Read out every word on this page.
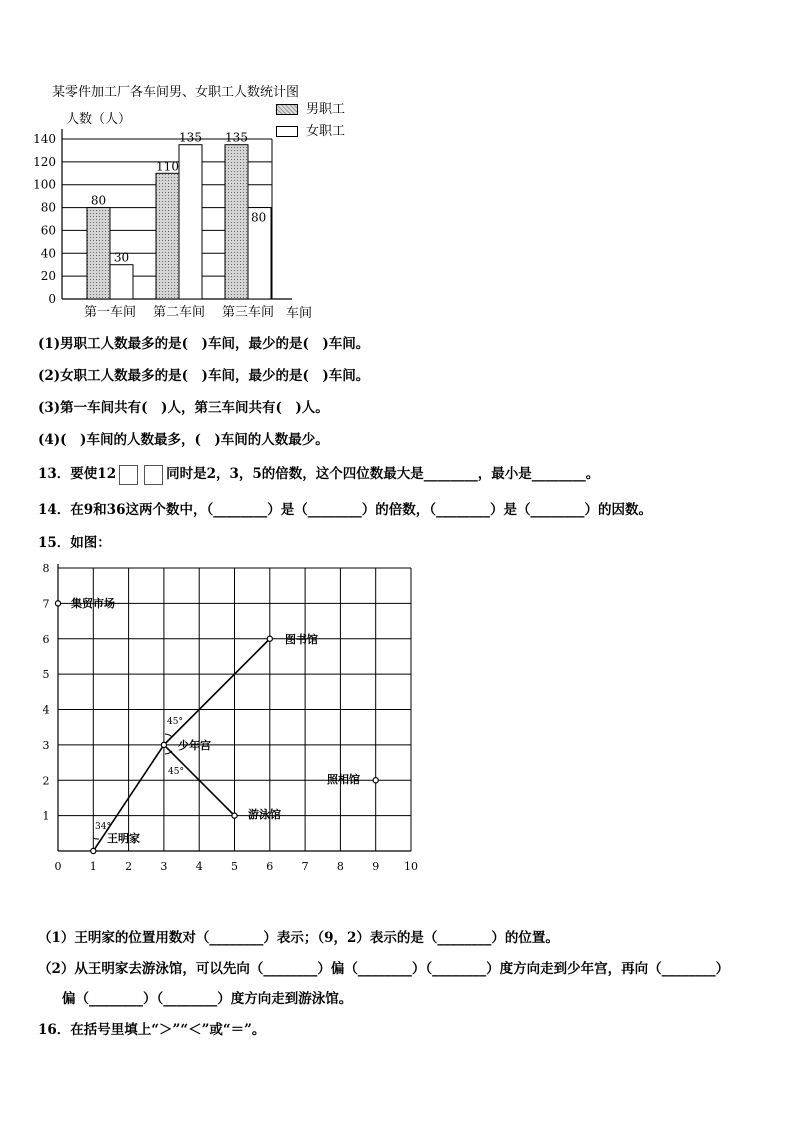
某零件加工厂各车间男、女职工人数统计图
男职工
女职工
人数（人）
车间
0
20
40
60
80
100
120
140
80
30
110
135 135
80
第一车间 第二车间 第三车间
(1)男职工人数最多的是(　)车间，最少的是(　)车间。
(2)女职工人数最多的是(　)车间，最少的是(　)车间。
(3)第一车间共有(　)人，第三车间共有(　)人。
(4)(　)车间的人数最多，(　)车间的人数最少。
13．要使12	同时是2，3，5的倍数，这个四位数最大是________，最小是________。
14．在9和36这两个数中，（________）是（________）的倍数，（________）是（________）的因数。
15．如图：
0	1	2	3	4	5	6	7	8	9 10
1
2
3
4
5
6
7
8
45°
45°
34°
集贸市场
图书馆
少年宫
照相馆
游泳馆
王明家
（1）王明家的位置用数对（________）表示；（9，2）表示的是（________）的位置。
（2）从王明家去游泳馆，可以先向（________）偏（________）（________）度方向走到少年宫，再向（________）
偏（________）（________）度方向走到游泳馆。
16．在括号里填上“＞”“＜”或“＝”。
